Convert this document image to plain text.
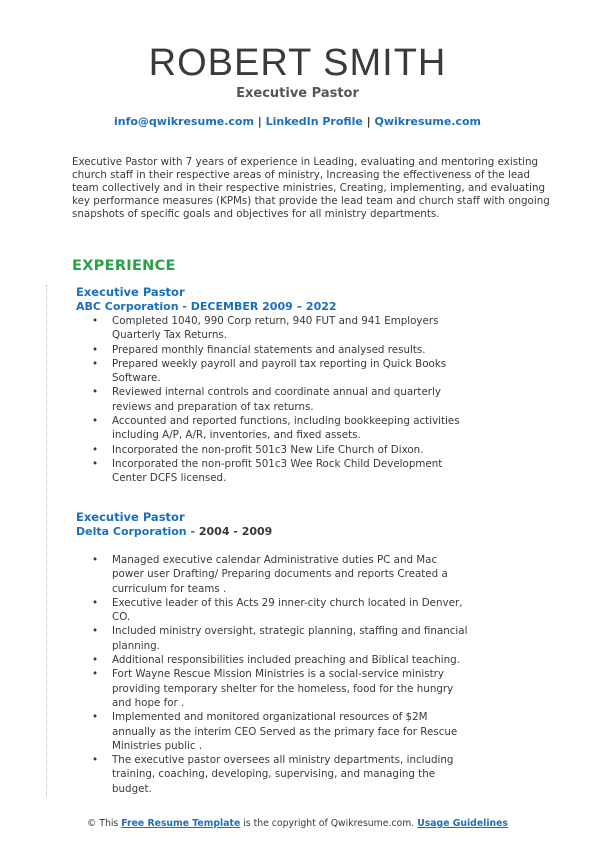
ROBERT SMITH
Executive Pastor
info@qwikresume.com | LinkedIn Profile | Qwikresume.com
Executive Pastor with 7 years of experience in Leading, evaluating and mentoring existing church staff in their respective areas of ministry, Increasing the effectiveness of the lead team collectively and in their respective ministries, Creating, implementing, and evaluating key performance measures (KPMs) that provide the lead team and church staff with ongoing snapshots of specific goals and objectives for all ministry departments.
EXPERIENCE
Executive Pastor
ABC Corporation - DECEMBER 2009 – 2022
• Completed 1040, 990 Corp return, 940 FUT and 941 Employers Quarterly Tax Returns.
• Prepared monthly financial statements and analysed results.
• Prepared weekly payroll and payroll tax reporting in Quick Books Software.
• Reviewed internal controls and coordinate annual and quarterly reviews and preparation of tax returns.
• Accounted and reported functions, including bookkeeping activities including A/P, A/R, inventories, and fixed assets.
• Incorporated the non-profit 501c3 New Life Church of Dixon.
• Incorporated the non-profit 501c3 Wee Rock Child Development Center DCFS licensed.
Executive Pastor
Delta Corporation - 2004 - 2009
• Managed executive calendar Administrative duties PC and Mac power user Drafting/ Preparing documents and reports Created a curriculum for teams .
• Executive leader of this Acts 29 inner-city church located in Denver, CO.
• Included ministry oversight, strategic planning, staffing and financial planning.
• Additional responsibilities included preaching and Biblical teaching.
• Fort Wayne Rescue Mission Ministries is a social-service ministry providing temporary shelter for the homeless, food for the hungry and hope for .
• Implemented and monitored organizational resources of $2M annually as the interim CEO Served as the primary face for Rescue Ministries public .
• The executive pastor oversees all ministry departments, including training, coaching, developing, supervising, and managing the budget.
© This Free Resume Template is the copyright of Qwikresume.com. Usage Guidelines
